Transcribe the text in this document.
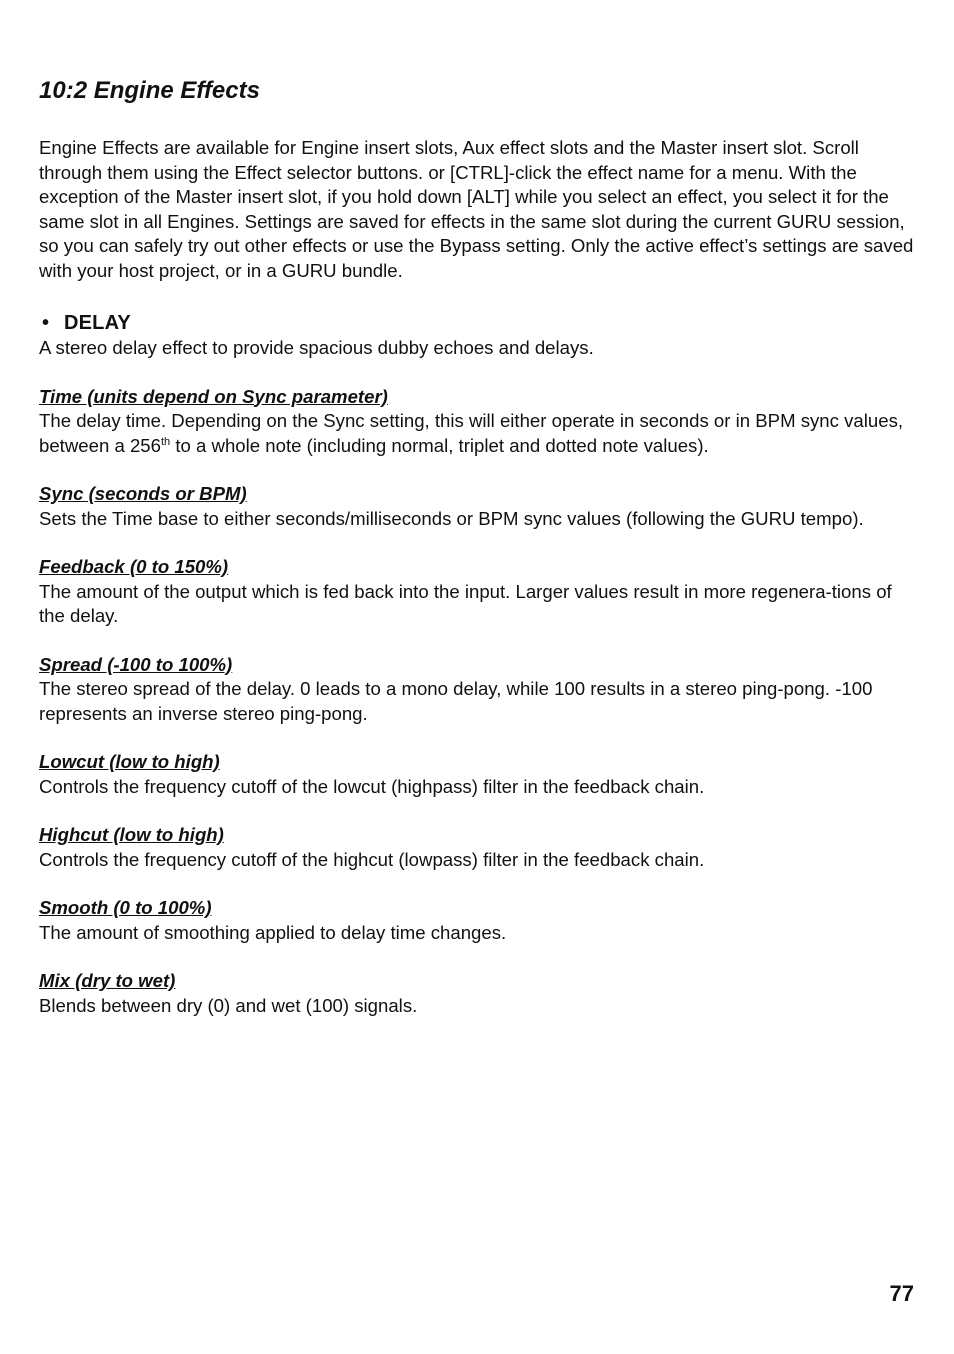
10:2 Engine Effects

Engine Effects are available for Engine insert slots, Aux effect slots and the Master insert slot. Scroll through them using the Effect selector buttons. or [CTRL]-click the effect name for a menu. With the exception of the Master insert slot, if you hold down [ALT] while you select an effect, you select it for the same slot in all Engines. Settings are saved for effects in the same slot during the current GURU session, so you can safely try out other effects or use the Bypass setting. Only the active effect’s settings are saved with your host project, or in a GURU bundle.

• DELAY

A stereo delay effect to provide spacious dubby echoes and delays.

Time (units depend on Sync parameter)

The delay time. Depending on the Sync setting, this will either operate in seconds or in BPM sync values, between a 256th to a whole note (including normal, triplet and dotted note values).

Sync (seconds or BPM)

Sets the Time base to either seconds/milliseconds or BPM sync values (following the GURU tempo).

Feedback (0 to 150%)

The amount of the output which is fed back into the input. Larger values result in more regenera-tions of the delay.

Spread (-100 to 100%)

The stereo spread of the delay. 0 leads to a mono delay, while 100 results in a stereo ping-pong. -100 represents an inverse stereo ping-pong.

Lowcut (low to high)

Controls the frequency cutoff of the lowcut (highpass) filter in the feedback chain.

Highcut (low to high)

Controls the frequency cutoff of the highcut (lowpass) filter in the feedback chain.

Smooth (0 to 100%)

The amount of smoothing applied to delay time changes.

Mix (dry to wet)

Blends between dry (0) and wet (100) signals.

77
